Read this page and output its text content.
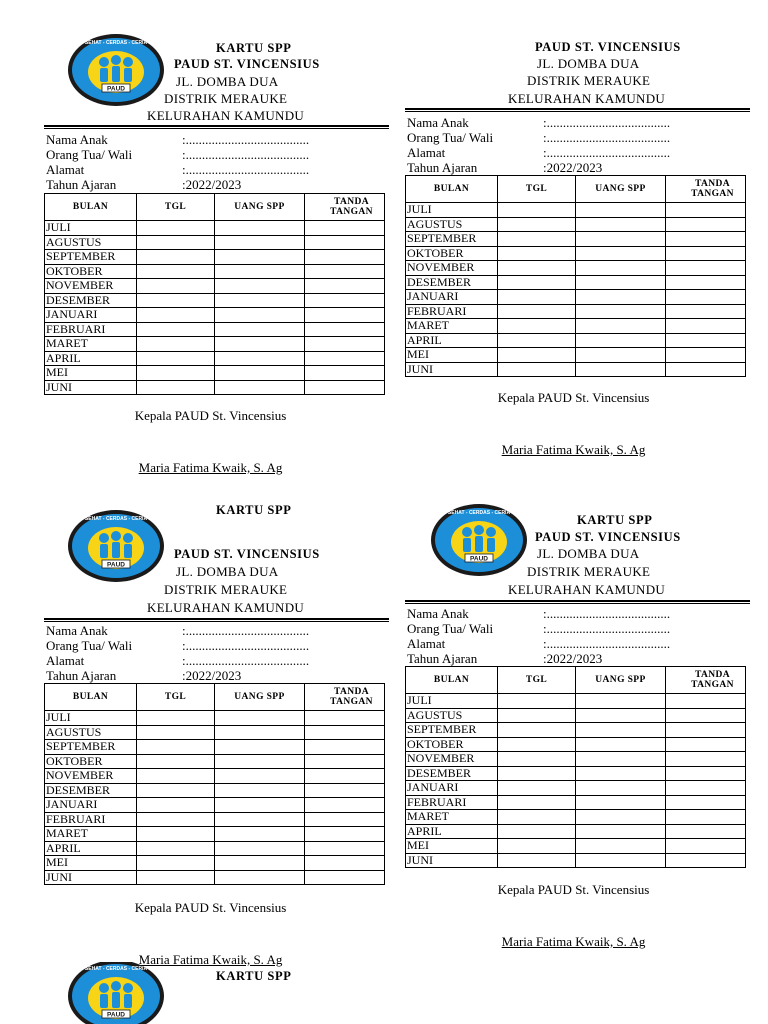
PAUD
SEHAT - CERDAS - CERIA	KARTU SPP
PAUD ST. VINCENSIUS
JL. DOMBA DUA
DISTRIK MERAUKE
KELURAHAN KAMUNDU
Nama Anak	:......................................
Orang Tua/ Wali	:......................................
Alamat	:......................................
Tahun Ajaran	:2022/2023
BULAN	TGL	UANG SPP	TANDA TANGAN
JULI			
AGUSTUS			
SEPTEMBER			
OKTOBER			
NOVEMBER			
DESEMBER			
JANUARI			
FEBRUARI			
MARET			
APRIL			
MEI			
JUNI			
Kepala PAUD St. Vincensius
Maria Fatima Kwaik, S. Ag
PAUD ST. VINCENSIUS
JL. DOMBA DUA
DISTRIK MERAUKE
KELURAHAN KAMUNDU
Nama Anak	:......................................
Orang Tua/ Wali	:......................................
Alamat	:......................................
Tahun Ajaran	:2022/2023
BULAN	TGL	UANG SPP	TANDA TANGAN
JULI			
AGUSTUS			
SEPTEMBER			
OKTOBER			
NOVEMBER			
DESEMBER			
JANUARI			
FEBRUARI			
MARET			
APRIL			
MEI			
JUNI			
Kepala PAUD St. Vincensius
Maria Fatima Kwaik, S. Ag
PAUD
SEHAT - CERDAS - CERIA
KARTU SPP
PAUD ST. VINCENSIUS
JL. DOMBA DUA
DISTRIK MERAUKE
KELURAHAN KAMUNDU
Nama Anak	:......................................
Orang Tua/ Wali	:......................................
Alamat	:......................................
Tahun Ajaran	:2022/2023
BULAN	TGL	UANG SPP	TANDA TANGAN
JULI			
AGUSTUS			
SEPTEMBER			
OKTOBER			
NOVEMBER			
DESEMBER			
JANUARI			
FEBRUARI			
MARET			
APRIL			
MEI			
JUNI			
Kepala PAUD St. Vincensius
Maria Fatima Kwaik, S. Ag
PAUD
SEHAT - CERDAS - CERIA	KARTU SPP
PAUD ST. VINCENSIUS
JL. DOMBA DUA
DISTRIK MERAUKE
KELURAHAN KAMUNDU
Nama Anak	:......................................
Orang Tua/ Wali	:......................................
Alamat	:......................................
Tahun Ajaran	:2022/2023
BULAN	TGL	UANG SPP	TANDA TANGAN
JULI			
AGUSTUS			
SEPTEMBER			
OKTOBER			
NOVEMBER			
DESEMBER			
JANUARI			
FEBRUARI			
MARET			
APRIL			
MEI			
JUNI			
Kepala PAUD St. Vincensius
Maria Fatima Kwaik, S. Ag
PAUD
SEHAT - CERDAS - CERIA	KARTU SPP
